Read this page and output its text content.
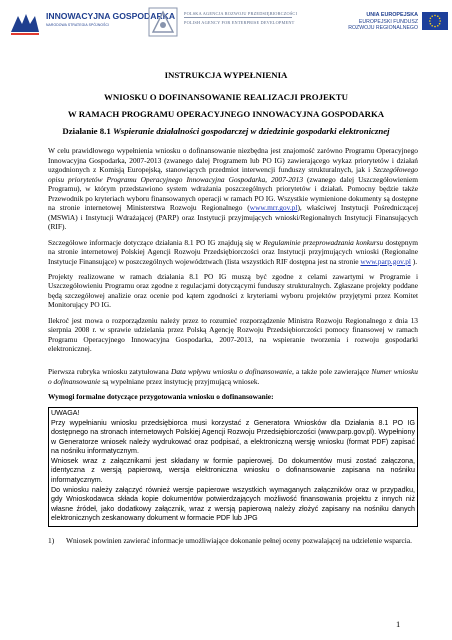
INNOWACYJNA GOSPODARKA
NARODOWA STRATEGIA SPÓJNOŚCI
POLSKA AGENCJA ROZWOJU PRZEDSIĘBIORCZOŚCI
POLISH AGENCY FOR ENTERPRISE DEVELOPMENT
UNIA EUROPEJSKA
EUROPEJSKI FUNDUSZ
ROZWOJU REGIONALNEGO
INSTRUKCJA WYPEŁNIENIA
WNIOSKU O DOFINANSOWANIE REALIZACJI PROJEKTU
W RAMACH PROGRAMU OPERACYJNEGO INNOWACYJNA GOSPODARKA
Działanie 8.1 Wspieranie działalności gospodarczej w dziedzinie gospodarki elektronicznej

W celu prawidłowego wypełnienia wniosku o dofinansowanie niezbędna jest znajomość zarówno Programu Operacyjnego Innowacyjna Gospodarka, 2007-2013 (zwanego dalej Programem lub PO IG) zawierającego wykaz priorytetów i działań uzgodnionych z Komisją Europejską, stanowiących przedmiot interwencji funduszy strukturalnych, jak i Szczegółowego opisu priorytetów Programu Operacyjnego Innowacyjna Gospodarka, 2007-2013 (zwanego dalej Uszczegółowieniem Programu), w którym przedstawiono system wdrażania poszczególnych priorytetów i działań. Pomocny będzie także Przewodnik po kryteriach wyboru finansowanych operacji w ramach PO IG. Wszystkie wymienione dokumenty są dostępne na stronie internetowej Ministerstwa Rozwoju Regionalnego (www.mrr.gov.pl), właściwej Instytucji Pośredniczącej (MSWiA) i Instytucji Wdrażającej (PARP) oraz Instytucji przyjmujących wnioski/Regionalnych Instytucji Finansujących (RIF).

Szczegółowe informacje dotyczące działania 8.1 PO IG znajdują się w Regulaminie przeprowadzania konkursu dostępnym na stronie internetowej Polskiej Agencji Rozwoju Przedsiębiorczości oraz Instytucji przyjmujących wnioski (Regionalne Instytucje Finansujące) w poszczególnych województwach (lista wszystkich RIF dostępna jest na stronie www.parp.gov.pl ).

Projekty realizowane w ramach działania 8.1 PO IG muszą być zgodne z celami zawartymi w Programie i Uszczegółowieniu Programu oraz zgodne z regulacjami dotyczącymi funduszy strukturalnych. Zgłaszane projekty poddane będą szczegółowej analizie oraz ocenie pod kątem zgodności z kryteriami wyboru projektów przyjętymi przez Komitet Monitorujący PO IG.

Ilekroć jest mowa o rozporządzeniu należy przez to rozumieć rozporządzenie Ministra Rozwoju Regionalnego z dnia 13 sierpnia 2008 r. w sprawie udzielania przez Polską Agencję Rozwoju Przedsiębiorczości pomocy finansowej w ramach Programu Operacyjnego Innowacyjna Gospodarka, 2007-2013, na wspieranie tworzenia i rozwoju gospodarki elektronicznej.

Pierwsza rubryka wniosku zatytułowana Data wpływu wniosku o dofinansowanie, a także pole zawierające Numer wniosku o dofinansowanie są wypełniane przez instytucję przyjmującą wniosek.

Wymogi formalne dotyczące przygotowania wniosku o dofinansowanie:

UWAGA!

Przy wypełnianiu wniosku przedsiębiorca musi korzystać z Generatora Wniosków dla Działania 8.1 PO IG dostępnego na stronach internetowych Polskiej Agencji Rozwoju Przedsiębiorczości (www.parp.gov.pl). Wypełniony w Generatorze wniosek należy wydrukować oraz podpisać, a elektroniczną wersję wniosku (format PDF) zapisać na nośniku informatycznym.

Wniosek wraz z załącznikami jest składany w formie papierowej. Do dokumentów musi zostać załączona, identyczna z wersją papierową, wersja elektroniczna wniosku o dofinansowanie zapisana na nośniku informatycznym.

Do wniosku należy załączyć również wersje papierowe wszystkich wymaganych załączników oraz w przypadku, gdy Wnioskodawca składa kopie dokumentów potwierdzających możliwość finansowania projektu z innych niż własne źródeł, jako dodatkowy załącznik, wraz z wersją papierową należy złożyć zapisany na nośniku danych elektronicznych zeskanowany dokument w formacie PDF lub JPG

1) Wniosek powinien zawierać informacje umożliwiające dokonanie pełnej oceny pozwalającej na udzielenie wsparcia.
1
